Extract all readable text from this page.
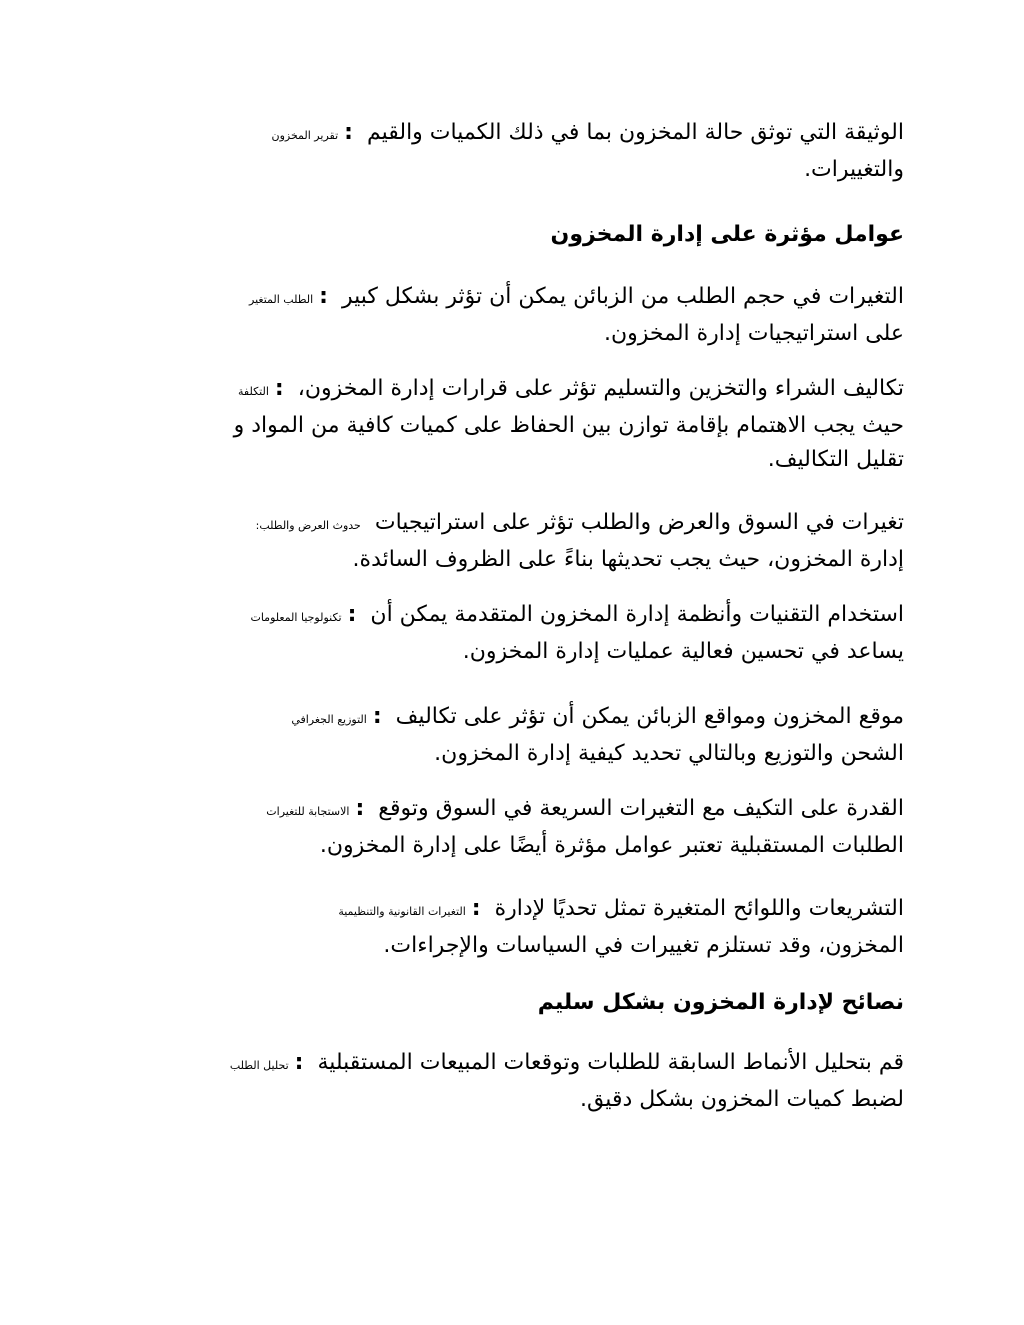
الوثيقة التي توثق حالة المخزون بما في ذلك الكميات والقيم:تقرير المخزون
والتغييرات.
عوامل مؤثرة على إدارة المخزون
التغيرات في حجم الطلب من الزبائن يمكن أن تؤثر بشكل كبير:الطلب المتغير
على استراتيجيات إدارة المخزون.
تكاليف الشراء والتخزين والتسليم تؤثر على قرارات إدارة المخزون،:التكلفة
حيث يجب الاهتمام بإقامة توازن بين الحفاظ على كميات كافية من المواد و
تقليل التكاليف.
تغيرات في السوق والعرض والطلب تؤثر على استراتيجياتحدوث العرض والطلب:
إدارة المخزون، حيث يجب تحديثها بناءً على الظروف السائدة.
استخدام التقنيات وأنظمة إدارة المخزون المتقدمة يمكن أن:تكنولوجيا المعلومات
يساعد في تحسين فعالية عمليات إدارة المخزون.
موقع المخزون ومواقع الزبائن يمكن أن تؤثر على تكاليف:التوزيع الجغرافي
الشحن والتوزيع وبالتالي تحديد كيفية إدارة المخزون.
القدرة على التكيف مع التغيرات السريعة في السوق وتوقع:الاستجابة للتغيرات
الطلبات المستقبلية تعتبر عوامل مؤثرة أيضًا على إدارة المخزون.
التشريعات واللوائح المتغيرة تمثل تحديًا لإدارة:التغيرات القانونية والتنظيمية
المخزون، وقد تستلزم تغييرات في السياسات والإجراءات.
نصائح لإدارة المخزون بشكل سليم
قم بتحليل الأنماط السابقة للطلبات وتوقعات المبيعات المستقبلية:تحليل الطلب
لضبط كميات المخزون بشكل دقيق.
